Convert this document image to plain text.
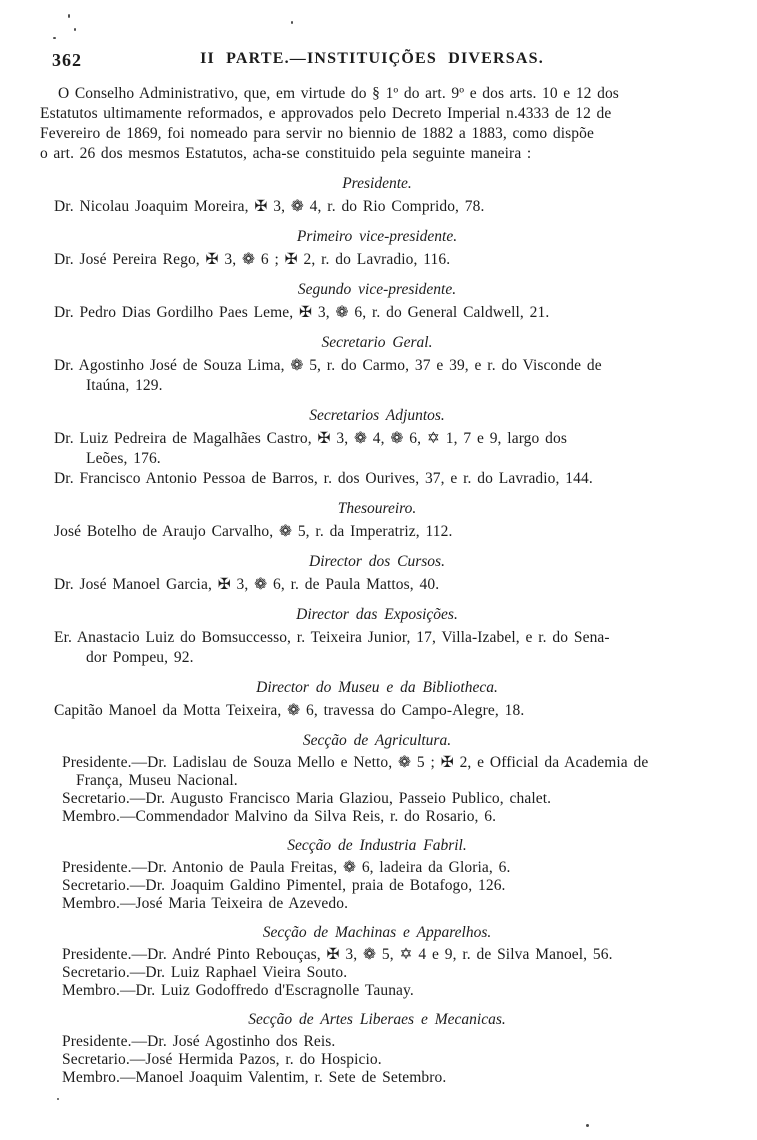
362	II PARTE.—INSTITUIÇÕES DIVERSAS.
O Conselho Administrativo, que, em virtude do § 1º do art. 9º e dos arts. 10 e 12 dos
Estatutos ultimamente reformados, e approvados pelo Decreto Imperial n.4333 de 12 de
Fevereiro de 1869, foi nomeado para servir no biennio de 1882 a 1883, como dispõe
o art. 26 dos mesmos Estatutos, acha-se constituido pela seguinte maneira :
Presidente.
Dr. Nicolau Joaquim Moreira, ✠ 3, ❁ 4, r. do Rio Comprido, 78.
Primeiro vice-presidente.
Dr. José Pereira Rego, ✠ 3, ❁ 6 ; ✠ 2, r. do Lavradio, 116.
Segundo vice-presidente.
Dr. Pedro Dias Gordilho Paes Leme, ✠ 3, ❁ 6, r. do General Caldwell, 21.
Secretario Geral.
Dr. Agostinho José de Souza Lima, ❁ 5, r. do Carmo, 37 e 39, e r. do Visconde de
Itaúna, 129.
Secretarios Adjuntos.
Dr. Luiz Pedreira de Magalhães Castro, ✠ 3, ❁ 4, ❁ 6, ✡ 1, 7 e 9, largo dos
Leões, 176.
Dr. Francisco Antonio Pessoa de Barros, r. dos Ourives, 37, e r. do Lavradio, 144.
Thesoureiro.
José Botelho de Araujo Carvalho, ❁ 5, r. da Imperatriz, 112.
Director dos Cursos.
Dr. José Manoel Garcia, ✠ 3, ❁ 6, r. de Paula Mattos, 40.
Director das Exposições.
Er. Anastacio Luiz do Bomsuccesso, r. Teixeira Junior, 17, Villa-Izabel, e r. do Sena-
dor Pompeu, 92.
Director do Museu e da Bibliotheca.
Capitão Manoel da Motta Teixeira, ❁ 6, travessa do Campo-Alegre, 18.
Secção de Agricultura.
Presidente.—Dr. Ladislau de Souza Mello e Netto, ❁ 5 ; ✠ 2, e Official da Academia de
França, Museu Nacional.
Secretario.—Dr. Augusto Francisco Maria Glaziou, Passeio Publico, chalet.
Membro.—Commendador Malvino da Silva Reis, r. do Rosario, 6.
Secção de Industria Fabril.
Presidente.—Dr. Antonio de Paula Freitas, ❁ 6, ladeira da Gloria, 6.
Secretario.—Dr. Joaquim Galdino Pimentel, praia de Botafogo, 126.
Membro.—José Maria Teixeira de Azevedo.
Secção de Machinas e Apparelhos.
Presidente.—Dr. André Pinto Rebouças, ✠ 3, ❁ 5, ✡ 4 e 9, r. de Silva Manoel, 56.
Secretario.—Dr. Luiz Raphael Vieira Souto.
Membro.—Dr. Luiz Godoffredo d'Escragnolle Taunay.
Secção de Artes Liberaes e Mecanicas.
Presidente.—Dr. José Agostinho dos Reis.
Secretario.—José Hermida Pazos, r. do Hospicio.
Membro.—Manoel Joaquim Valentim, r. Sete de Setembro.
